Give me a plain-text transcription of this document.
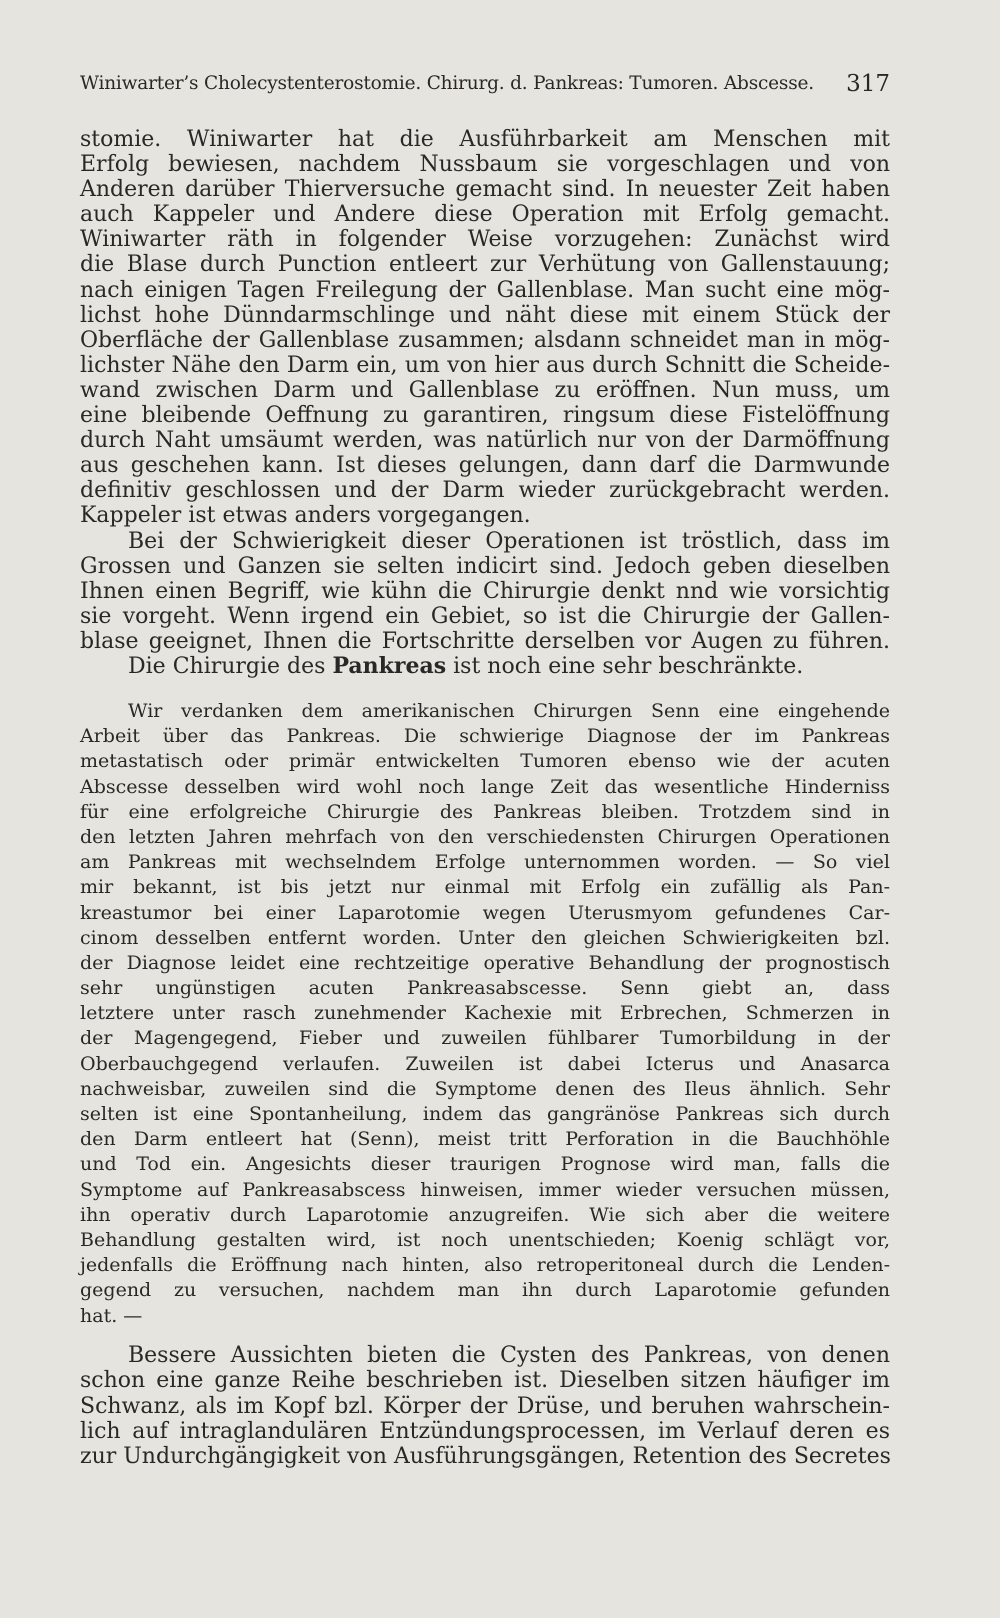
Winiwarter’s Cholecystenterostomie. Chirurg. d. Pankreas: Tumoren. Abscesse. 317
stomie. Winiwarter hat die Ausführbarkeit am Menschen mit
Erfolg bewiesen, nachdem Nussbaum sie vorgeschlagen und von
Anderen darüber Thierversuche gemacht sind. In neuester Zeit haben
auch Kappeler und Andere diese Operation mit Erfolg gemacht.
Winiwarter räth in folgender Weise vorzugehen: Zunächst wird
die Blase durch Punction entleert zur Verhütung von Gallenstauung;
nach einigen Tagen Freilegung der Gallenblase. Man sucht eine mög-
lichst hohe Dünndarmschlinge und näht diese mit einem Stück der
Oberfläche der Gallenblase zusammen; alsdann schneidet man in mög-
lichster Nähe den Darm ein, um von hier aus durch Schnitt die Scheide-
wand zwischen Darm und Gallenblase zu eröffnen. Nun muss, um
eine bleibende Oeffnung zu garantiren, ringsum diese Fistelöffnung
durch Naht umsäumt werden, was natürlich nur von der Darmöffnung
aus geschehen kann. Ist dieses gelungen, dann darf die Darmwunde
definitiv geschlossen und der Darm wieder zurückgebracht werden.
Kappeler ist etwas anders vorgegangen.
Bei der Schwierigkeit dieser Operationen ist tröstlich, dass im
Grossen und Ganzen sie selten indicirt sind. Jedoch geben dieselben
Ihnen einen Begriff, wie kühn die Chirurgie denkt nnd wie vorsichtig
sie vorgeht. Wenn irgend ein Gebiet, so ist die Chirurgie der Gallen-
blase geeignet, Ihnen die Fortschritte derselben vor Augen zu führen.
Die Chirurgie des Pankreas ist noch eine sehr beschränkte.
Wir verdanken dem amerikanischen Chirurgen Senn eine eingehende
Arbeit über das Pankreas. Die schwierige Diagnose der im Pankreas
metastatisch oder primär entwickelten Tumoren ebenso wie der acuten
Abscesse desselben wird wohl noch lange Zeit das wesentliche Hinderniss
für eine erfolgreiche Chirurgie des Pankreas bleiben. Trotzdem sind in
den letzten Jahren mehrfach von den verschiedensten Chirurgen Operationen
am Pankreas mit wechselndem Erfolge unternommen worden. — So viel
mir bekannt, ist bis jetzt nur einmal mit Erfolg ein zufällig als Pan-
kreastumor bei einer Laparotomie wegen Uterusmyom gefundenes Car-
cinom desselben entfernt worden. Unter den gleichen Schwierigkeiten bzl.
der Diagnose leidet eine rechtzeitige operative Behandlung der prognostisch
sehr ungünstigen acuten Pankreasabscesse. Senn giebt an, dass
letztere unter rasch zunehmender Kachexie mit Erbrechen, Schmerzen in
der Magengegend, Fieber und zuweilen fühlbarer Tumorbildung in der
Oberbauchgegend verlaufen. Zuweilen ist dabei Icterus und Anasarca
nachweisbar, zuweilen sind die Symptome denen des Ileus ähnlich. Sehr
selten ist eine Spontanheilung, indem das gangränöse Pankreas sich durch
den Darm entleert hat (Senn), meist tritt Perforation in die Bauchhöhle
und Tod ein. Angesichts dieser traurigen Prognose wird man, falls die
Symptome auf Pankreasabscess hinweisen, immer wieder versuchen müssen,
ihn operativ durch Laparotomie anzugreifen. Wie sich aber die weitere
Behandlung gestalten wird, ist noch unentschieden; Koenig schlägt vor,
jedenfalls die Eröffnung nach hinten, also retroperitoneal durch die Lenden-
gegend zu versuchen, nachdem man ihn durch Laparotomie gefunden
hat. —
Bessere Aussichten bieten die Cysten des Pankreas, von denen
schon eine ganze Reihe beschrieben ist. Dieselben sitzen häufiger im
Schwanz, als im Kopf bzl. Körper der Drüse, und beruhen wahrschein-
lich auf intraglandulären Entzündungsprocessen, im Verlauf deren es
zur Undurchgängigkeit von Ausführungsgängen, Retention des Secretes
